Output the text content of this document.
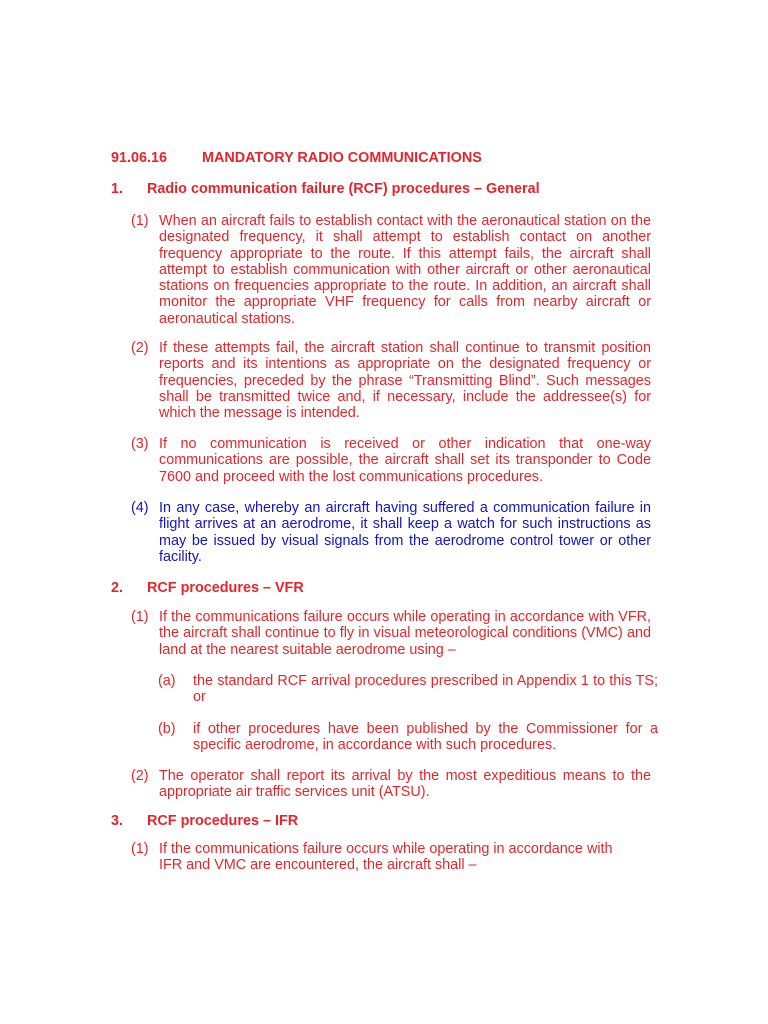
91.06.16 MANDATORY RADIO COMMUNICATIONS
1. Radio communication failure (RCF) procedures – General
(1) When an aircraft fails to establish contact with the aeronautical station on the designated frequency, it shall attempt to establish contact on another frequency appropriate to the route. If this attempt fails, the aircraft shall attempt to establish communication with other aircraft or other aeronautical stations on frequencies appropriate to the route. In addition, an aircraft shall monitor the appropriate VHF frequency for calls from nearby aircraft or aeronautical stations.
(2) If these attempts fail, the aircraft station shall continue to transmit position reports and its intentions as appropriate on the designated frequency or frequencies, preceded by the phrase “Transmitting Blind”. Such messages shall be transmitted twice and, if necessary, include the addressee(s) for which the message is intended.
(3) If no communication is received or other indication that one-way communications are possible, the aircraft shall set its transponder to Code 7600 and proceed with the lost communications procedures.
(4) In any case, whereby an aircraft having suffered a communication failure in flight arrives at an aerodrome, it shall keep a watch for such instructions as may be issued by visual signals from the aerodrome control tower or other facility.
2. RCF procedures – VFR
(1) If the communications failure occurs while operating in accordance with VFR, the aircraft shall continue to fly in visual meteorological conditions (VMC) and land at the nearest suitable aerodrome using –
(a) the standard RCF arrival procedures prescribed in Appendix 1 to this TS; or
(b) if other procedures have been published by the Commissioner for a specific aerodrome, in accordance with such procedures.
(2) The operator shall report its arrival by the most expeditious means to the appropriate air traffic services unit (ATSU).
3. RCF procedures – IFR
(1) If the communications failure occurs while operating in accordance with IFR and VMC are encountered, the aircraft shall –
